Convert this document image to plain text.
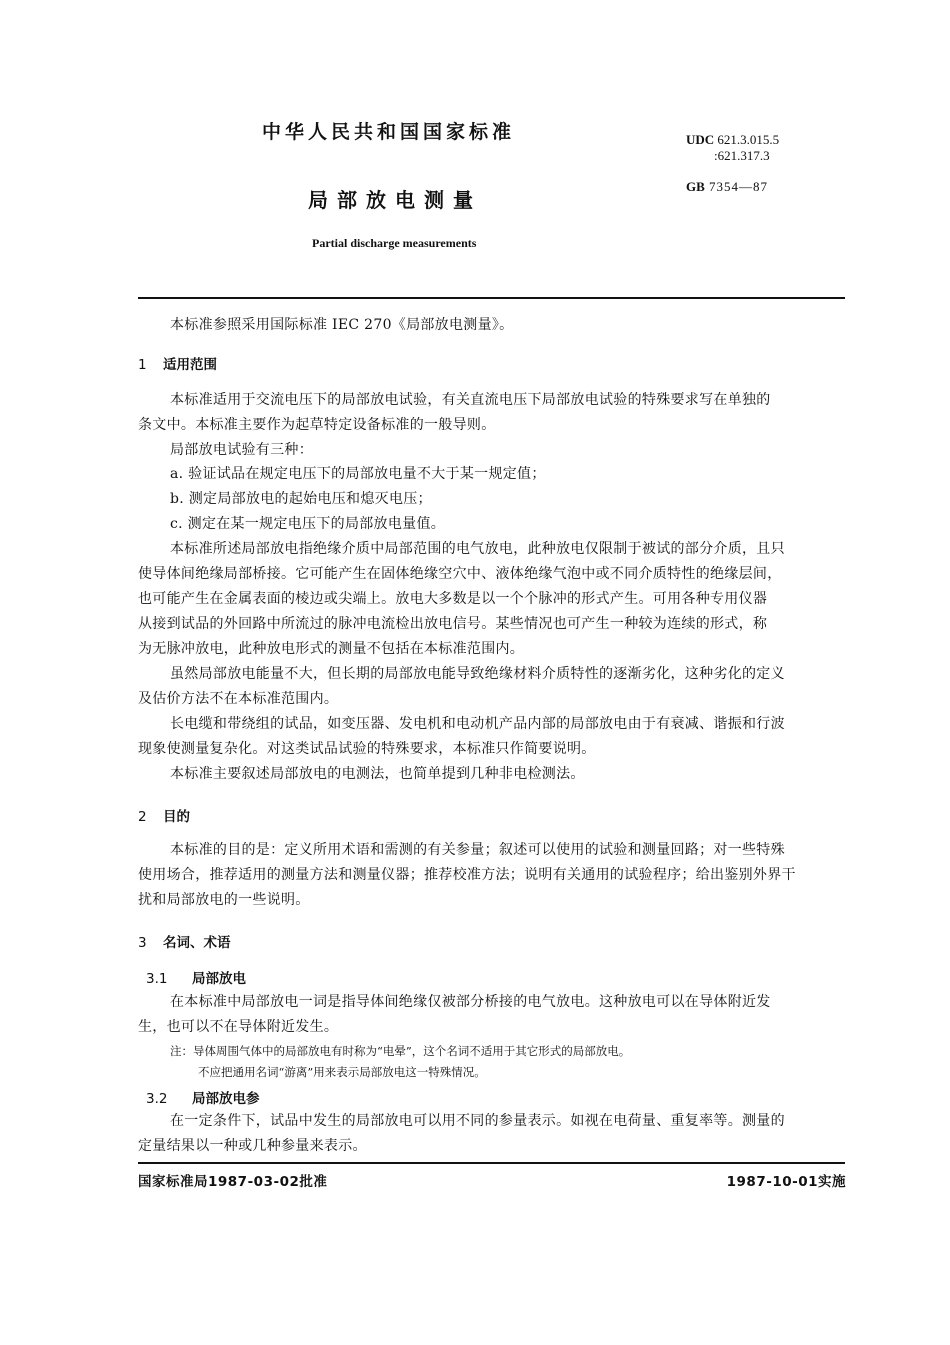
中华人民共和国国家标准
局部放电测量
Partial discharge measurements
UDC 621.3.015.5
:621.317.3
GB 7354—87
本标准参照采用国际标准 IEC 270《局部放电测量》。
1 适用范围
本标准适用于交流电压下的局部放电试验，有关直流电压下局部放电试验的特殊要求写在单独的
条文中。本标准主要作为起草特定设备标准的一般导则。
局部放电试验有三种：
a. 验证试品在规定电压下的局部放电量不大于某一规定值；
b. 测定局部放电的起始电压和熄灭电压；
c. 测定在某一规定电压下的局部放电量值。
本标准所述局部放电指绝缘介质中局部范围的电气放电，此种放电仅限制于被试的部分介质，且只
使导体间绝缘局部桥接。它可能产生在固体绝缘空穴中、液体绝缘气泡中或不同介质特性的绝缘层间，
也可能产生在金属表面的棱边或尖端上。放电大多数是以一个个脉冲的形式产生。可用各种专用仪器
从接到试品的外回路中所流过的脉冲电流检出放电信号。某些情况也可产生一种较为连续的形式，称
为无脉冲放电，此种放电形式的测量不包括在本标准范围内。
虽然局部放电能量不大，但长期的局部放电能导致绝缘材料介质特性的逐渐劣化，这种劣化的定义
及估价方法不在本标准范围内。
长电缆和带绕组的试品，如变压器、发电机和电动机产品内部的局部放电由于有衰减、谐振和行波
现象使测量复杂化。对这类试品试验的特殊要求，本标准只作简要说明。
本标准主要叙述局部放电的电测法，也简单提到几种非电检测法。
2 目的
本标准的目的是：定义所用术语和需测的有关参量；叙述可以使用的试验和测量回路；对一些特殊
使用场合，推荐适用的测量方法和测量仪器；推荐校准方法；说明有关通用的试验程序；给出鉴别外界干
扰和局部放电的一些说明。
3 名词、术语
3.1 局部放电
在本标准中局部放电一词是指导体间绝缘仅被部分桥接的电气放电。这种放电可以在导体附近发
生，也可以不在导体附近发生。
注：导体周围气体中的局部放电有时称为“电晕”，这个名词不适用于其它形式的局部放电。
不应把通用名词“游离”用来表示局部放电这一特殊情况。
3.2 局部放电参
在一定条件下，试品中发生的局部放电可以用不同的参量表示。如视在电荷量、重复率等。测量的
定量结果以一种或几种参量来表示。
国家标准局1987-03-02批准	1987-10-01实施
